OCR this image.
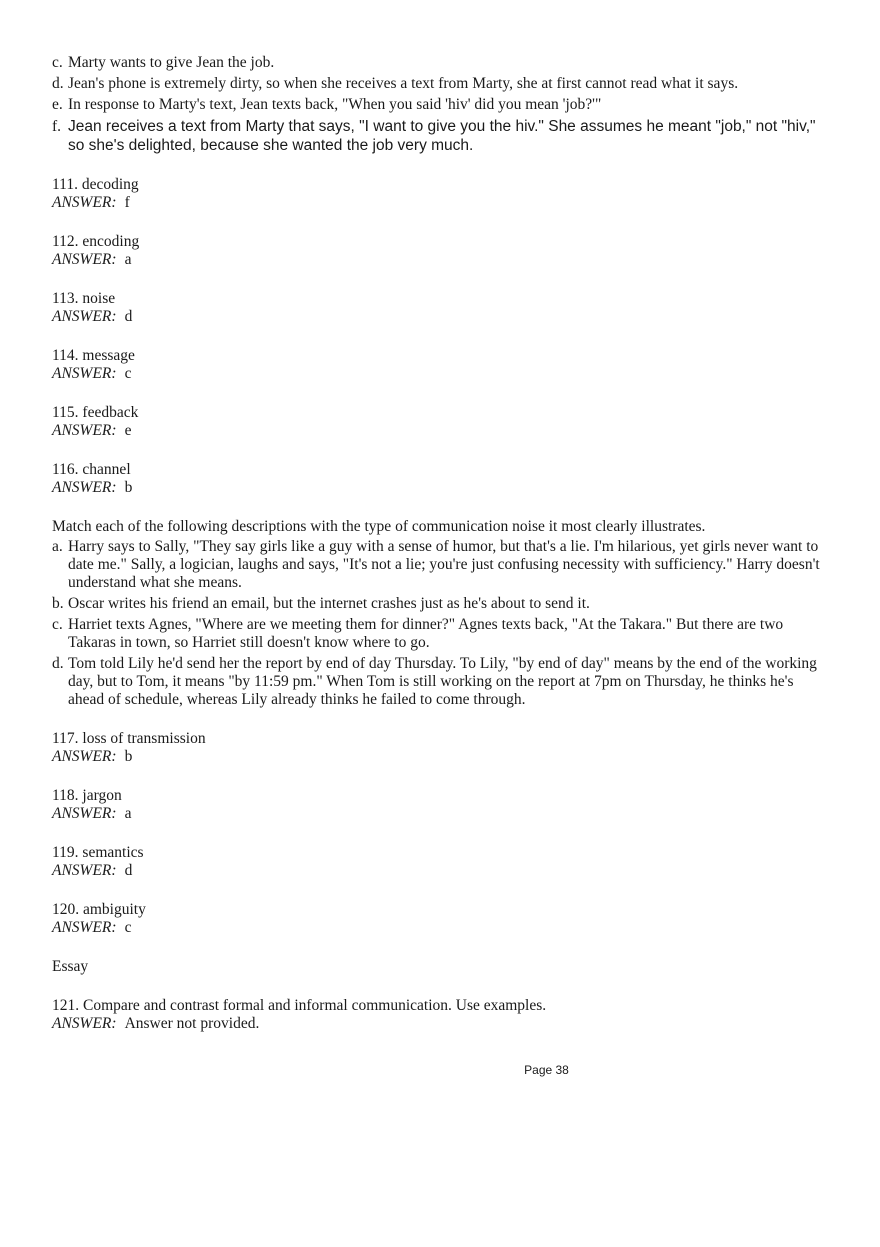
c. Marty wants to give Jean the job.
d. Jean's phone is extremely dirty, so when she receives a text from Marty, she at first cannot read what it says.
e. In response to Marty's text, Jean texts back, "When you said 'hiv' did you mean 'job?'"
f. Jean receives a text from Marty that says, "I want to give you the hiv." She assumes he meant "job," not "hiv," so she's delighted, because she wanted the job very much.
111. decoding
ANSWER: f
112. encoding
ANSWER: a
113. noise
ANSWER: d
114. message
ANSWER: c
115. feedback
ANSWER: e
116. channel
ANSWER: b
Match each of the following descriptions with the type of communication noise it most clearly illustrates.
a. Harry says to Sally, "They say girls like a guy with a sense of humor, but that's a lie. I'm hilarious, yet girls never want to date me." Sally, a logician, laughs and says, "It's not a lie; you're just confusing necessity with sufficiency." Harry doesn't understand what she means.
b. Oscar writes his friend an email, but the internet crashes just as he's about to send it.
c. Harriet texts Agnes, "Where are we meeting them for dinner?" Agnes texts back, "At the Takara." But there are two Takaras in town, so Harriet still doesn't know where to go.
d. Tom told Lily he'd send her the report by end of day Thursday. To Lily, "by end of day" means by the end of the working day, but to Tom, it means "by 11:59 pm." When Tom is still working on the report at 7pm on Thursday, he thinks he's ahead of schedule, whereas Lily already thinks he failed to come through.
117. loss of transmission
ANSWER: b
118. jargon
ANSWER: a
119. semantics
ANSWER: d
120. ambiguity
ANSWER: c
Essay
121. Compare and contrast formal and informal communication. Use examples.
ANSWER: Answer not provided.
Page 38
